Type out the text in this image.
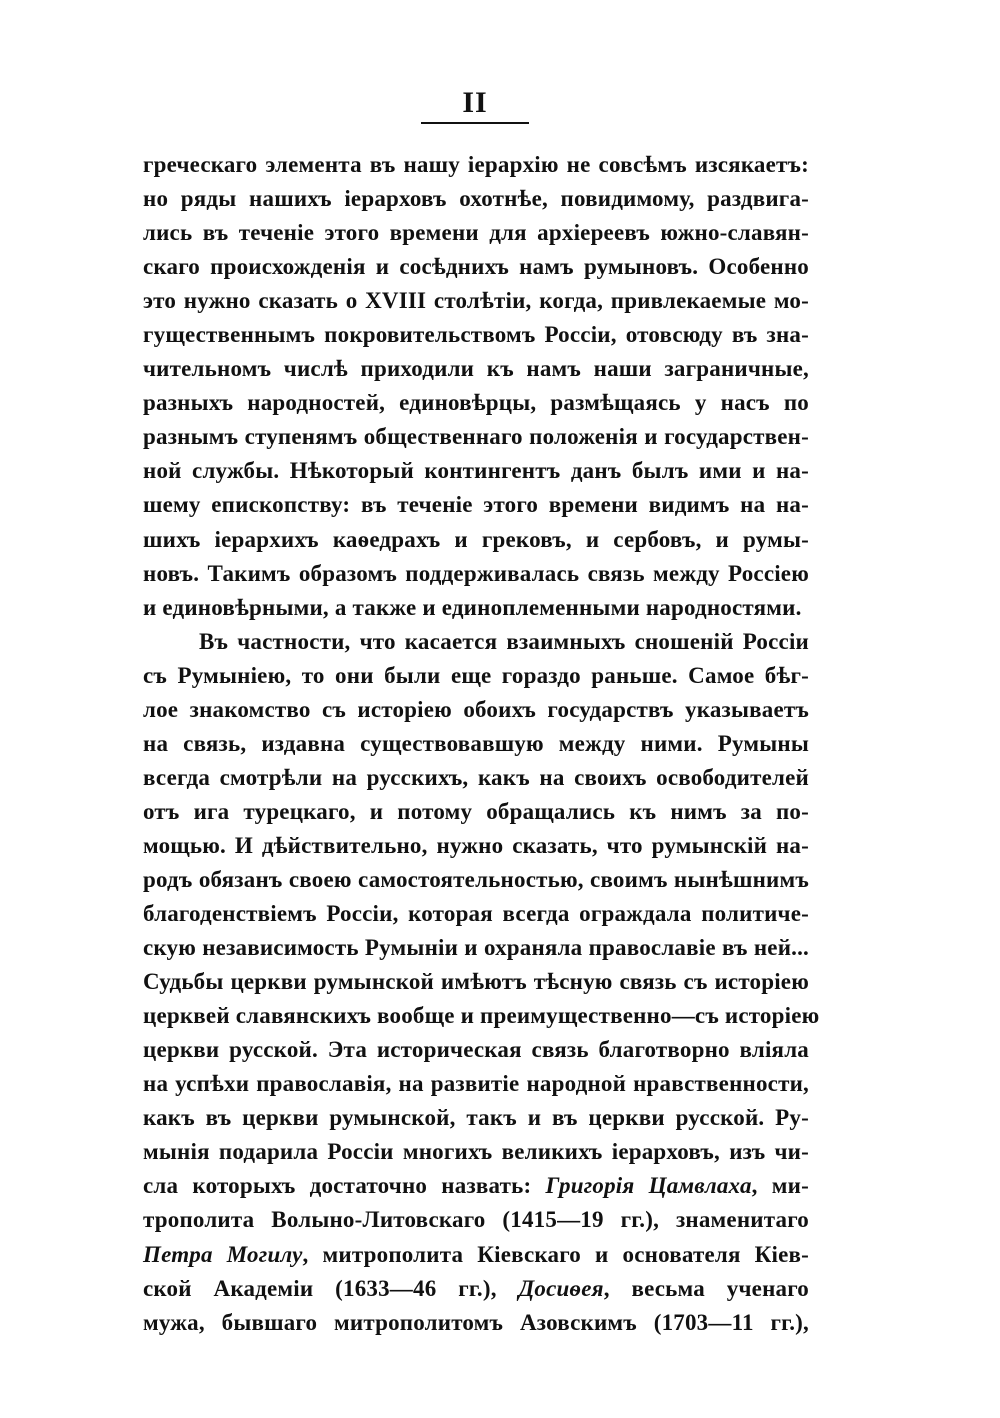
II
греческаго элемента въ нашу іерархію не совсѣмъ изсякаетъ:
но ряды нашихъ іерарховъ охотнѣе, повидимому, раздвига-
лись въ теченіе этого времени для архіереевъ южно-славян-
скаго происхожденія и сосѣднихъ намъ румыновъ. Особенно
это нужно сказать о XVIII столѣтіи, когда, привлекаемые мо-
гущественнымъ покровительствомъ Россіи, отовсюду въ зна-
чительномъ числѣ приходили къ намъ наши заграничные,
разныхъ народностей, единовѣрцы, размѣщаясь у насъ по
разнымъ ступенямъ общественнаго положенія и государствен-
ной службы. Нѣкоторый контингентъ данъ былъ ими и на-
шему епископству: въ теченіе этого времени видимъ на на-
шихъ іерархихъ каѳедрахъ и грековъ, и сербовъ, и румы-
новъ. Такимъ образомъ поддерживалась связь между Россіею
и единовѣрными, а также и единоплеменными народностями.
Въ частности, что касается взаимныхъ сношеній Россіи
съ Румыніею, то они были еще гораздо раньше. Самое бѣг-
лое знакомство съ исторіею обоихъ государствъ указываетъ
на связь, издавна существовавшую между ними. Румыны
всегда смотрѣли на русскихъ, какъ на своихъ освободителей
отъ ига турецкаго, и потому обращались къ нимъ за по-
мощью. И дѣйствительно, нужно сказать, что румынскій на-
родъ обязанъ своею самостоятельностью, своимъ нынѣшнимъ
благоденствіемъ Россіи, которая всегда ограждала политиче-
скую независимость Румыніи и охраняла православіе въ ней...
Судьбы церкви румынской имѣютъ тѣсную связь съ исторіею
церквей славянскихъ вообще и преимущественно—съ исторіею
церкви русской. Эта историческая связь благотворно вліяла
на успѣхи православія, на развитіе народной нравственности,
какъ въ церкви румынской, такъ и въ церкви русской. Ру-
мынія подарила Россіи многихъ великихъ іерарховъ, изъ чи-
сла которыхъ достаточно назвать: Григорія Цамвлаха, ми-
трополита Волыно-Литовскаго (1415—19 гг.), знаменитаго
Петра Могилу, митрополита Кіевскаго и основателя Кіев-
ской Академіи (1633—46 гг.), Досиѳея, весьма ученаго
мужа, бывшаго митрополитомъ Азовскимъ (1703—11 гг.),
